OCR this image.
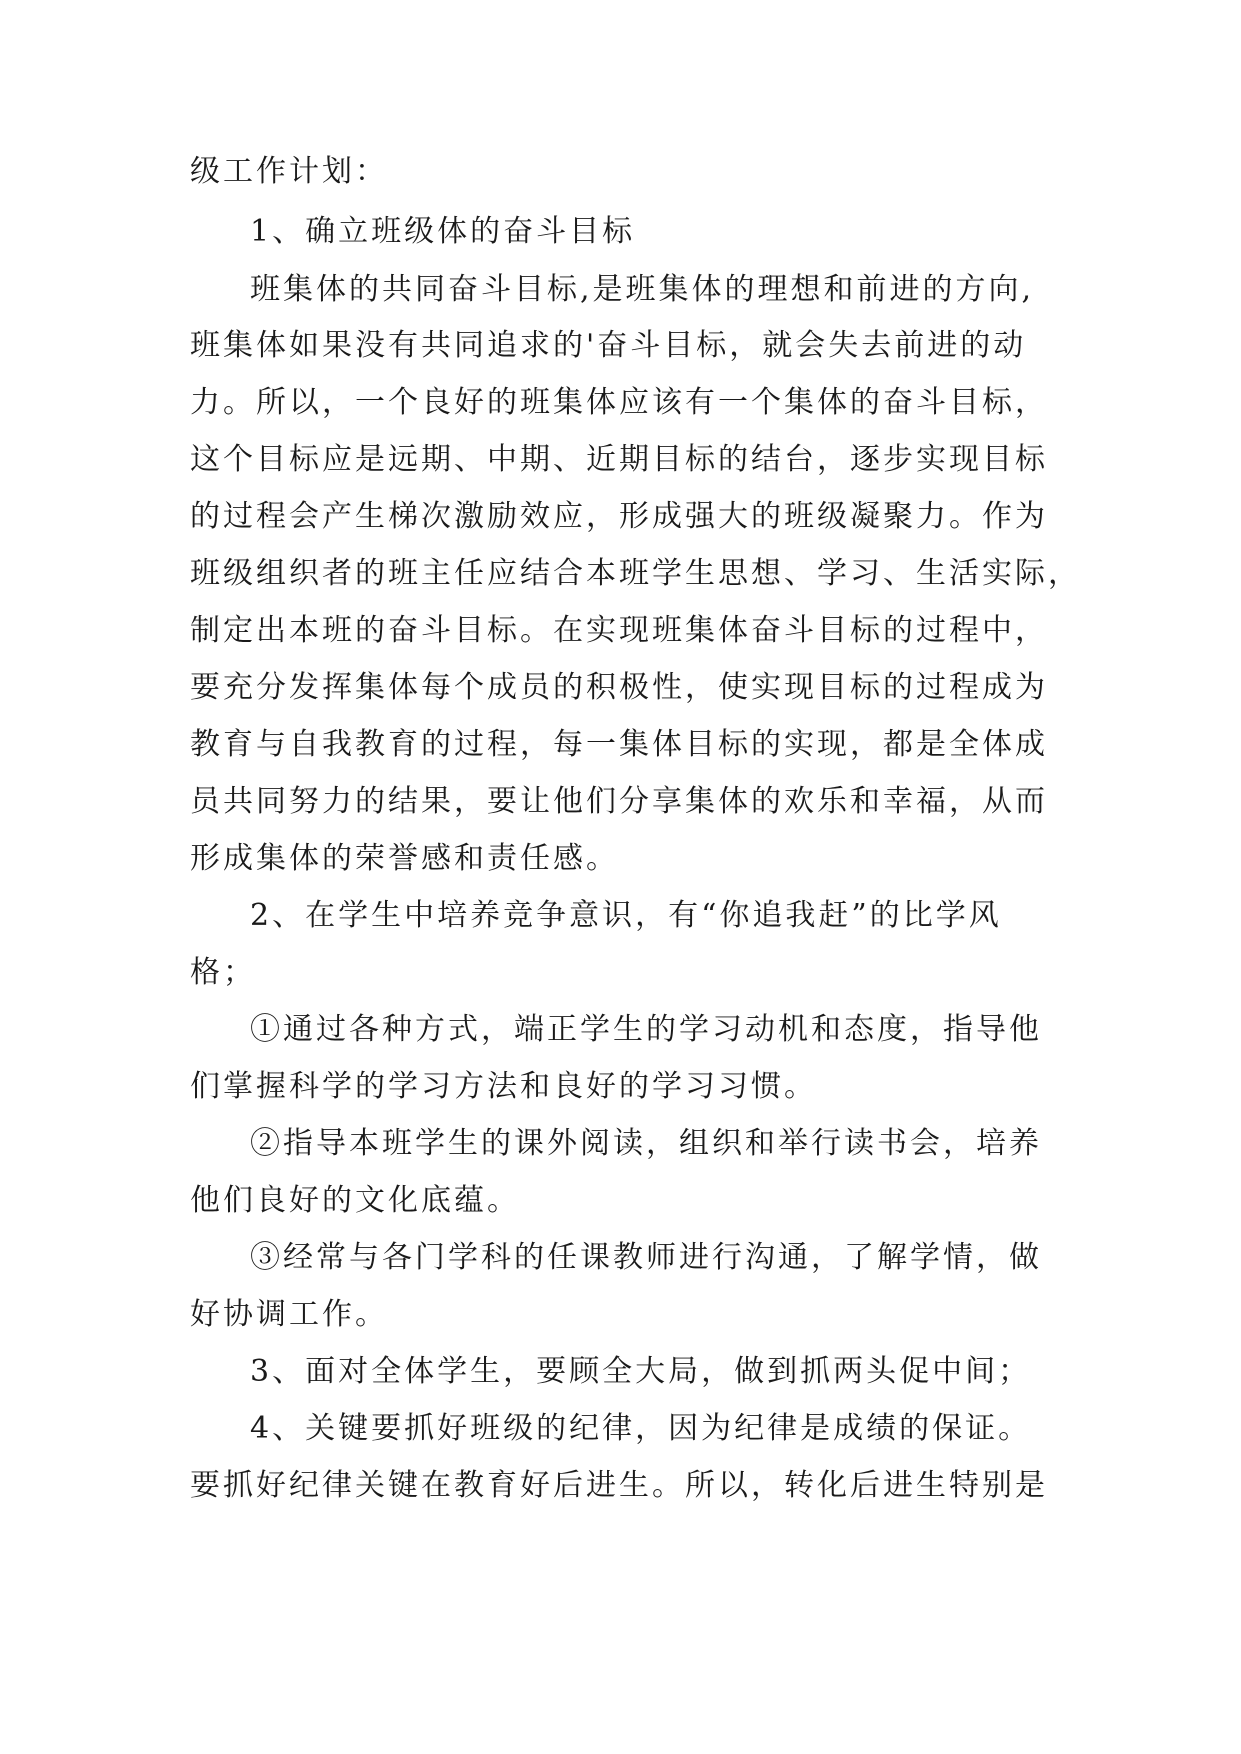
级工作计划：
1、确立班级体的奋斗目标
班集体的共同奋斗目标,是班集体的理想和前进的方向,
班集体如果没有共同追求的'奋斗目标，就会失去前进的动
力。所以，一个良好的班集体应该有一个集体的奋斗目标，
这个目标应是远期、中期、近期目标的结台，逐步实现目标
的过程会产生梯次激励效应，形成强大的班级凝聚力。作为
班级组织者的班主任应结合本班学生思想、学习、生活实际，
制定出本班的奋斗目标。在实现班集体奋斗目标的过程中，
要充分发挥集体每个成员的积极性，使实现目标的过程成为
教育与自我教育的过程，每一集体目标的实现，都是全体成
员共同努力的结果，要让他们分享集体的欢乐和幸福，从而
形成集体的荣誉感和责任感。
2、在学生中培养竞争意识，有“你追我赶”的比学风
格；
①通过各种方式，端正学生的学习动机和态度，指导他
们掌握科学的学习方法和良好的学习习惯。
②指导本班学生的课外阅读，组织和举行读书会，培养
他们良好的文化底蕴。
③经常与各门学科的任课教师进行沟通，了解学情，做
好协调工作。
3、面对全体学生，要顾全大局，做到抓两头促中间；
4、关键要抓好班级的纪律，因为纪律是成绩的保证。
要抓好纪律关键在教育好后进生。所以，转化后进生特别是
